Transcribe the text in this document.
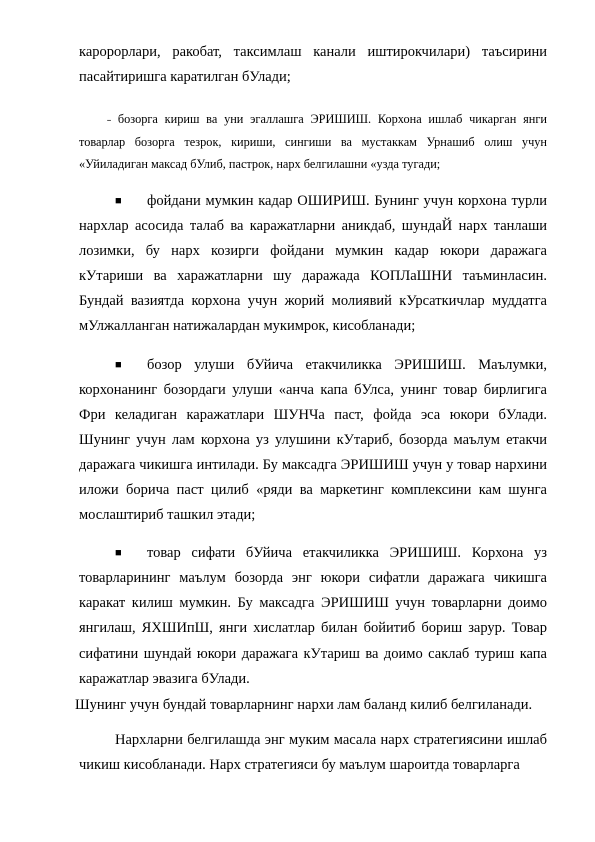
каророрлари, ракобат, таксимлаш канали иштирокчилари) таъсирини пасайтиришга каратилган бУлади;

˗ бозорга кириш ва уни эгаллашга ЭРИШИШ. Корхона ишлаб чикарган янги товарлар бозорга тезрок, кириши, сингиши ва мустаккам Урнашиб олиш учун «Уйиладиган максад бУлиб, пастрок, нарх белгилашни «узда тугади;

■ фойдани мумкин кадар ОШИРИШ. Бунинг учун корхона турли нархлар асосида талаб ва каражатларни аникдаб, шундаЙ нарх танлаши лозимки, бу нарх козирги фойдани мумкин кадар юкори даражага кУтариши ва харажатларни шу даражада КОПЛаШНИ таъминласин. Бундай вазиятда корхона учун жорий молиявий кУрсаткичлар муддатга мУлжалланган натижалардан мукимрок, кисобланади;

■ бозор улуши бУйича етакчиликка ЭРИШИШ. Маълумки, корхонанинг бозордаги улуши «анча капа бУлса, унинг товар бирлигига Фри келадиган каражатлари ШУНЧа паст, фойда эса юкори бУлади. Шунинг учун лам корхона уз улушини кУтариб, бозорда маълум етакчи даражага чикишга интилади. Бу максадга ЭРИШИШ учун у товар нархини иложи борича паст цилиб «ряди ва маркетинг комплексини кам шунга мослаштириб ташкил этади;

■ товар сифати бУйича етакчиликка ЭРИШИШ. Корхона уз товарларининг маълум бозорда энг юкори сифатли даражага чикишга каракат килиш мумкин. Бу максадга ЭРИШИШ учун товарларни доимо янгилаш, ЯХШИпШ, янги хислатлар билан бойитиб бориш зарур. Товар сифатини шундай юкори даражага кУтариш ва доимо саклаб туриш капа каражатлар эвазига бУлади.

Шунинг учун бундай товарларнинг нархи лам баланд килиб белгиланади.

Нархларни белгилашда энг муким масала нарх стратегиясини ишлаб чикиш кисобланади. Нарх стратегияси бу маълум шароитда товарларга
